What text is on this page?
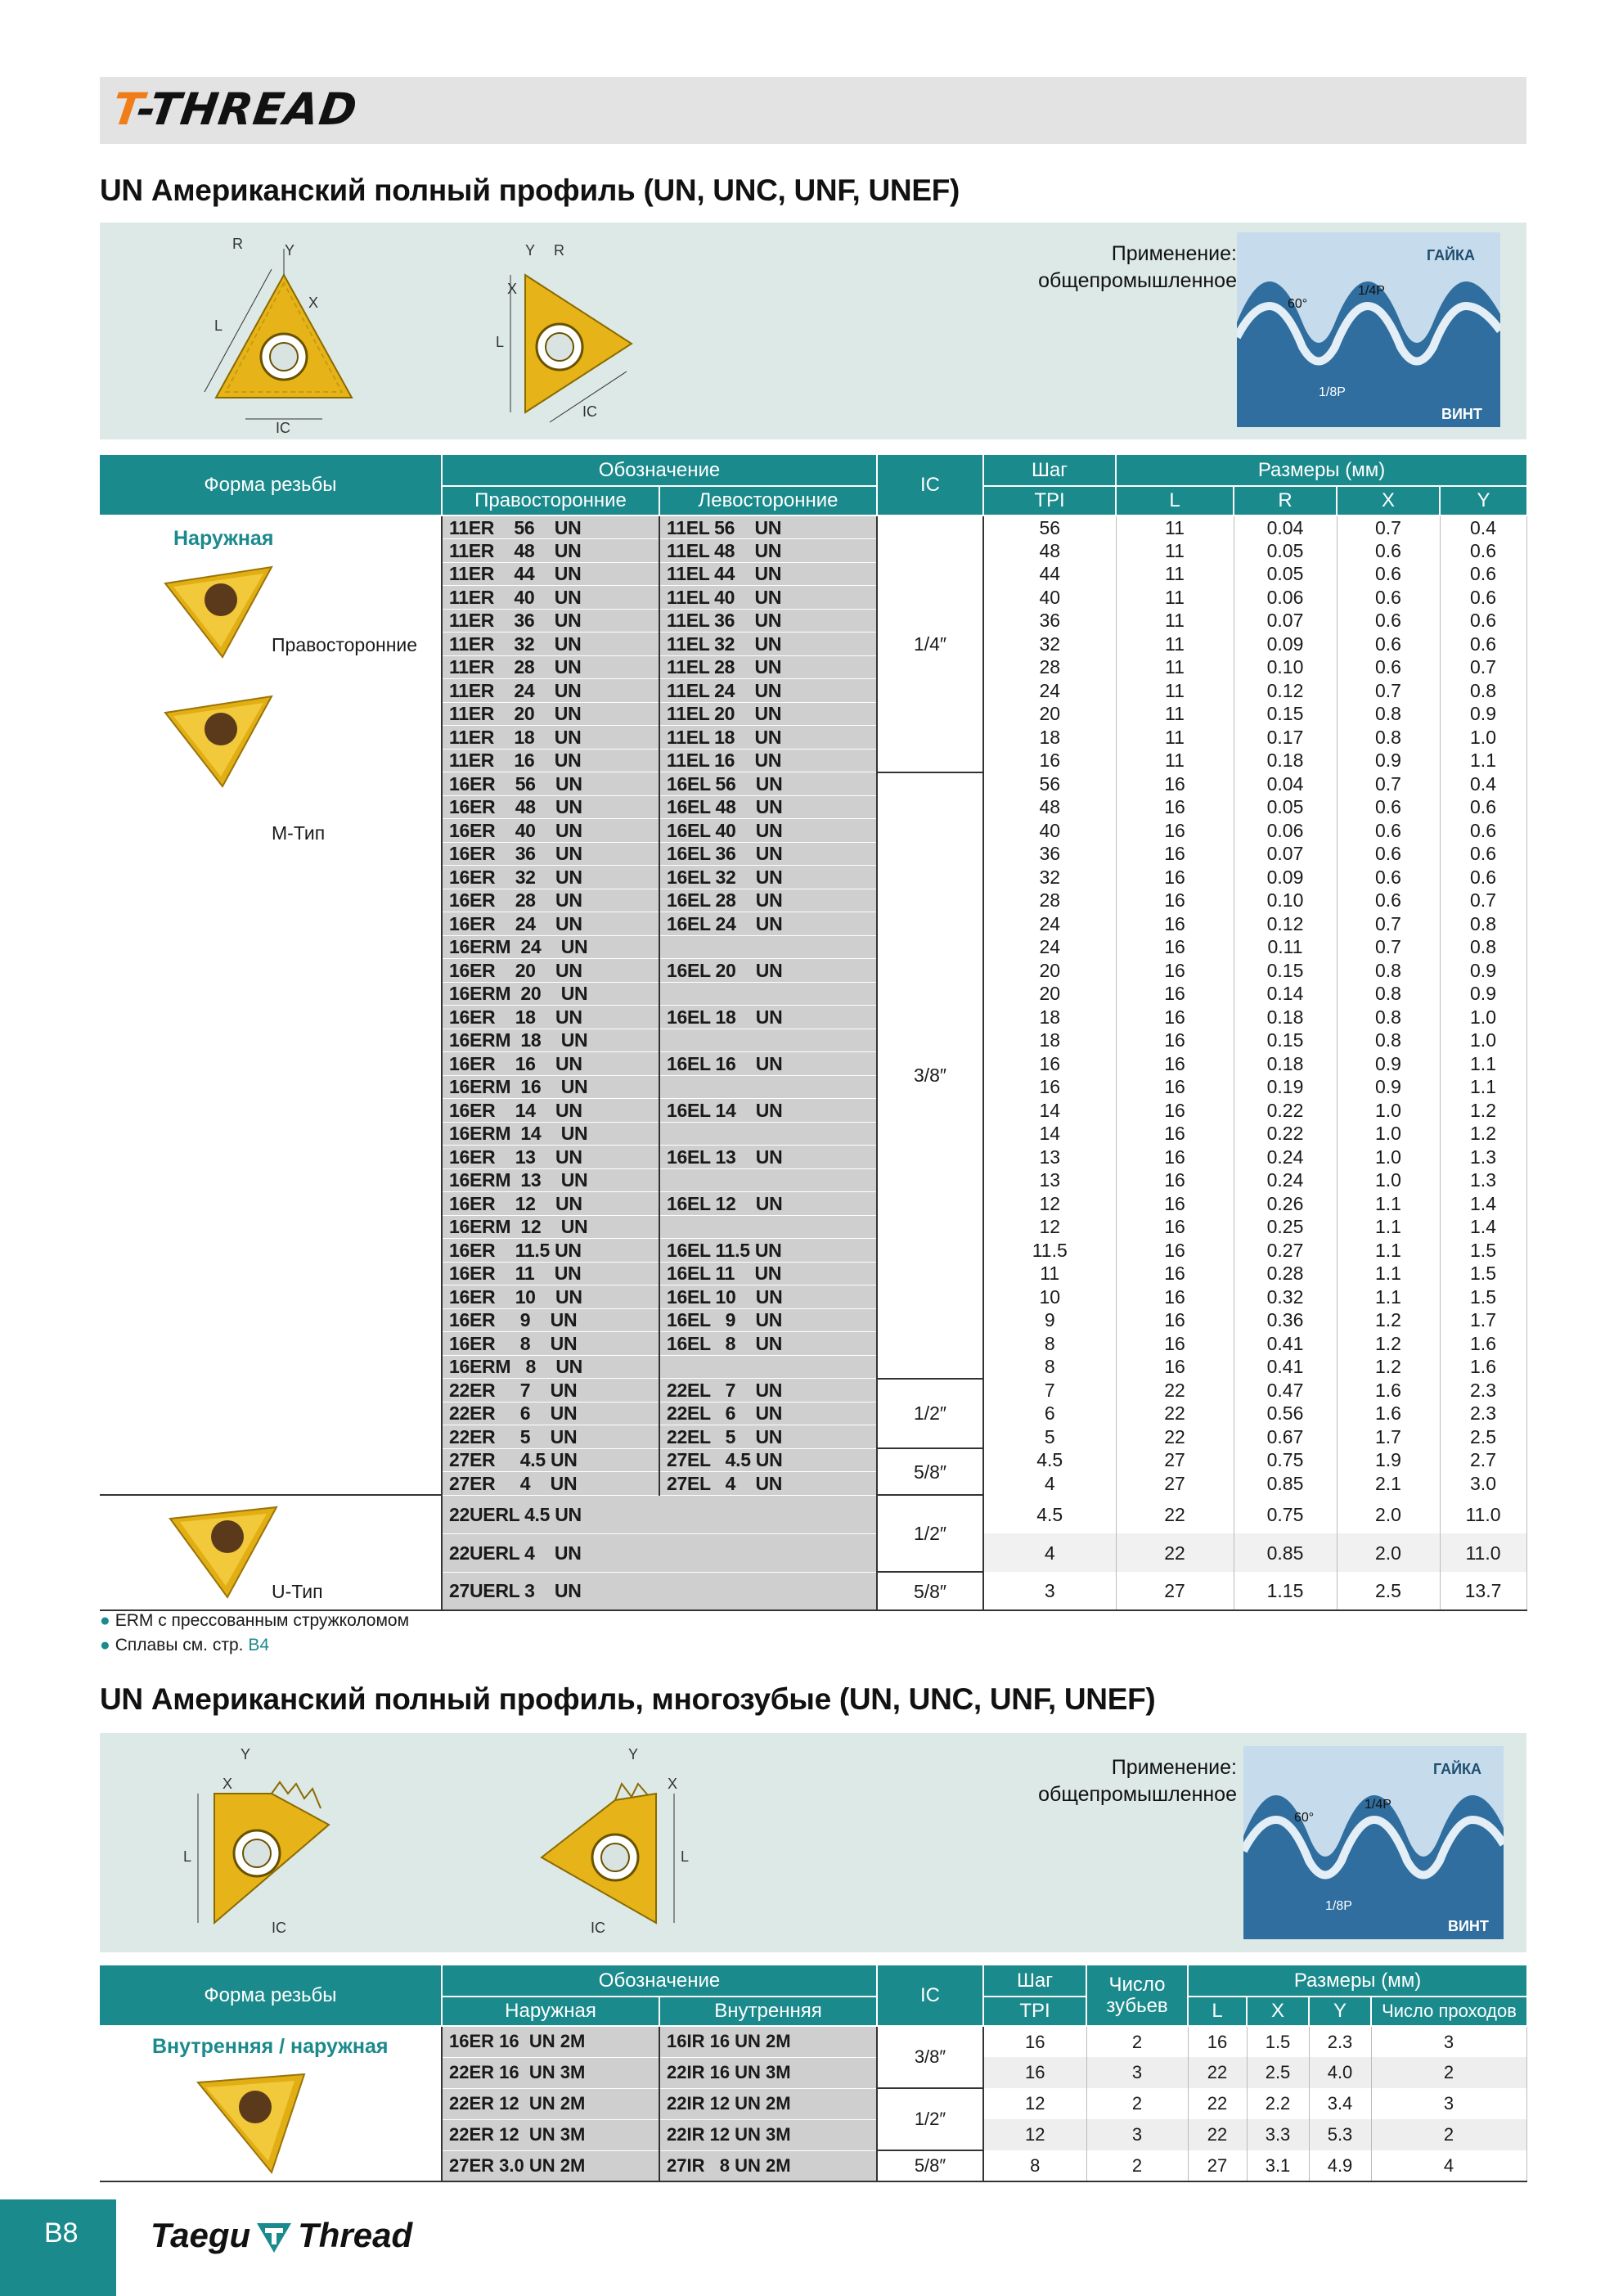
T-THREAD
UN Американский полный профиль (UN, UNC, UNF, UNEF)
R	Y
X
L
IC
R
Y
X
L
IC
Применение:
общепромышленное
ГАЙКА
ВИНТ
60°
1/4P
1/8P
Форма резьбы	Обозначение		IC	Шаг	Размеры (мм)			
	Правосторонние	Левосторонние		TPI	L	R	X	Y

Наружная
Правосторонние
M-Тип	11ER    56    UN	11EL 56    UN	1/4″	56	11	0.04	0.7	0.4
	11ER    48    UN	11EL 48    UN		48	11	0.05	0.6	0.6
	11ER    44    UN	11EL 44    UN		44	11	0.05	0.6	0.6
	11ER    40    UN	11EL 40    UN		40	11	0.06	0.6	0.6
	11ER    36    UN	11EL 36    UN		36	11	0.07	0.6	0.6
	11ER    32    UN	11EL 32    UN		32	11	0.09	0.6	0.6
	11ER    28    UN	11EL 28    UN		28	11	0.10	0.6	0.7
	11ER    24    UN	11EL 24    UN		24	11	0.12	0.7	0.8
	11ER    20    UN	11EL 20    UN		20	11	0.15	0.8	0.9
	11ER    18    UN	11EL 18    UN		18	11	0.17	0.8	1.0
	11ER    16    UN	11EL 16    UN		16	11	0.18	0.9	1.1
	16ER    56    UN	16EL 56    UN	3/8″	56	16	0.04	0.7	0.4
	16ER    48    UN	16EL 48    UN		48	16	0.05	0.6	0.6
	16ER    40    UN	16EL 40    UN		40	16	0.06	0.6	0.6
	16ER    36    UN	16EL 36    UN		36	16	0.07	0.6	0.6
	16ER    32    UN	16EL 32    UN		32	16	0.09	0.6	0.6
	16ER    28    UN	16EL 28    UN		28	16	0.10	0.6	0.7
	16ER    24    UN	16EL 24    UN		24	16	0.12	0.7	0.8
	16ERM  24    UN			24	16	0.11	0.7	0.8
	16ER    20    UN	16EL 20    UN		20	16	0.15	0.8	0.9
	16ERM  20    UN			20	16	0.14	0.8	0.9
	16ER    18    UN	16EL 18    UN		18	16	0.18	0.8	1.0
	16ERM  18    UN			18	16	0.15	0.8	1.0
	16ER    16    UN	16EL 16    UN		16	16	0.18	0.9	1.1
	16ERM  16    UN			16	16	0.19	0.9	1.1
	16ER    14    UN	16EL 14    UN		14	16	0.22	1.0	1.2
	16ERM  14    UN			14	16	0.22	1.0	1.2
	16ER    13    UN	16EL 13    UN		13	16	0.24	1.0	1.3
	16ERM  13    UN			13	16	0.24	1.0	1.3
	16ER    12    UN	16EL 12    UN		12	16	0.26	1.1	1.4
	16ERM  12    UN			12	16	0.25	1.1	1.4
	16ER    11.5 UN	16EL 11.5 UN		11.5	16	0.27	1.1	1.5
	16ER    11    UN	16EL 11    UN		11	16	0.28	1.1	1.5
	16ER    10    UN	16EL 10    UN		10	16	0.32	1.1	1.5
	16ER     9    UN	16EL   9    UN		9	16	0.36	1.2	1.7
	16ER     8    UN	16EL   8    UN		8	16	0.41	1.2	1.6
	16ERM   8    UN			8	16	0.41	1.2	1.6
	22ER     7    UN	22EL   7    UN	1/2″	7	22	0.47	1.6	2.3
	22ER     6    UN	22EL   6    UN		6	22	0.56	1.6	2.3
	22ER     5    UN	22EL   5    UN		5	22	0.67	1.7	2.5
	27ER     4.5 UN	27EL   4.5 UN	5/8″	4.5	27	0.75	1.9	2.7
	27ER     4    UN	27EL   4    UN		4	27	0.85	2.1	3.0

U-Тип	22UERL 4.5 UN		1/2″	4.5	22	0.75	2.0	11.0
	22UERL 4    UN			4	22	0.85	2.0	11.0
	27UERL 3    UN		5/8″	3	27	1.15	2.5	13.7
● ERM с прессованным стружколомом
● Сплавы см. стр. B4
UN Американский полный профиль, многозубые (UN, UNC, UNF, UNEF)
Y
X
L
IC
Y
X
L
IC
Применение:
общепромышленное
ГАЙКА
ВИНТ
60°
1/4P
1/8P
Форма резьбы	Обозначение		IC	Шаг	Число зубьев	Размеры (мм)			
	Наружная	Внутренняя		TPI		L	X	Y	Число проходов

Внутренняя / наружная	16ER 16  UN 2M	16IR 16 UN 2M	3/8″	16	2	16	1.5	2.3	3
	22ER 16  UN 3M	22IR 16 UN 3M		16	3	22	2.5	4.0	2
	22ER 12  UN 2M	22IR 12 UN 2M	1/2″	12	2	22	2.2	3.4	3
	22ER 12  UN 3M	22IR 12 UN 3M		12	3	22	3.3	5.3	2
	27ER 3.0 UN 2M	27IR   8 UN 2M	5/8″	8	2	27	3.1	4.9	4
B8 Taegu Thread
